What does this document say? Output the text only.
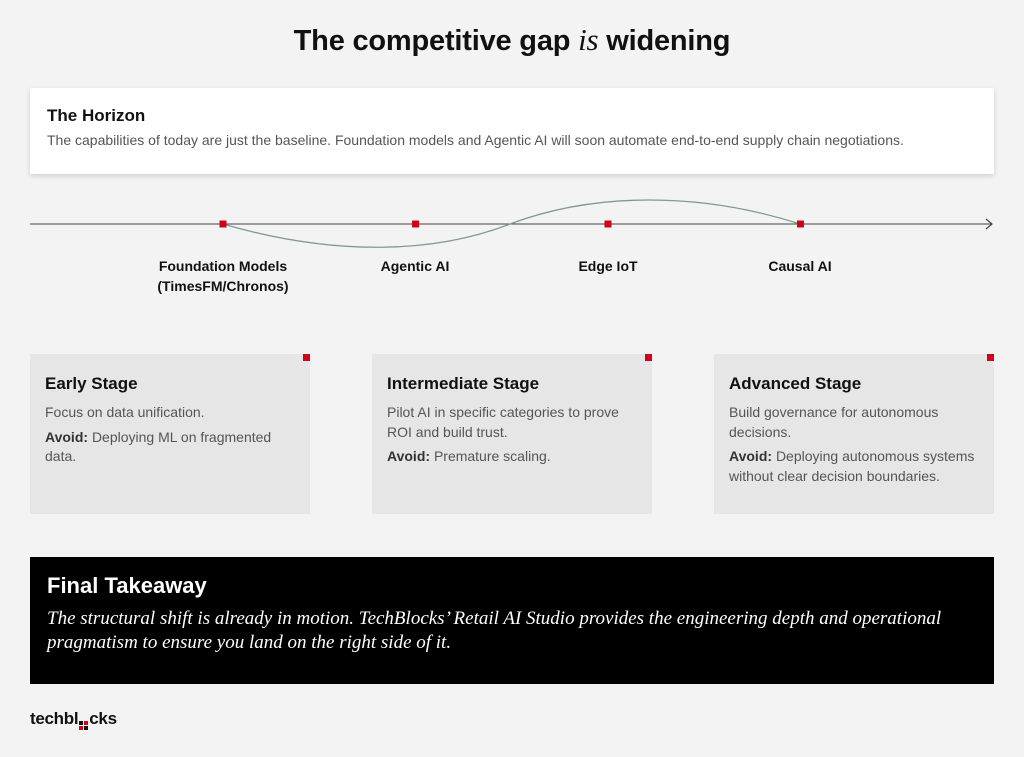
The competitive gap is widening
The Horizon
The capabilities of today are just the baseline. Foundation models and Agentic AI will soon automate end-to-end supply chain negotiations.
Foundation Models
(TimesFM/Chronos)
Agentic AI	Edge IoT	Causal AI
Early Stage
Focus on data unification.
Avoid: Deploying ML on fragmented data.
Intermediate Stage
Pilot AI in specific categories to prove ROI and build trust.
Avoid: Premature scaling.
Advanced Stage
Build governance for autonomous decisions.
Avoid: Deploying autonomous systems without clear decision boundaries.
Final Takeaway
The structural shift is already in motion. TechBlocks’ Retail AI Studio provides the engineering depth and operational pragmatism to ensure you land on the right side of it.
techbl cks
